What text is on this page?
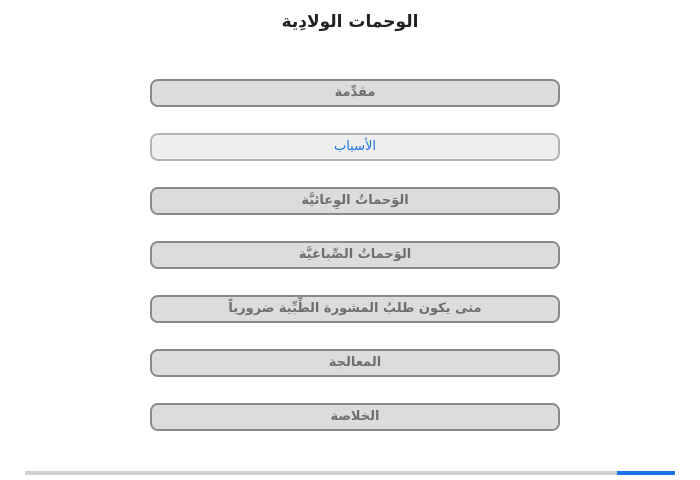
الوحمات الولادِية
مقدِّمة
الأسباب
الوَحماتُ الوِعائيَّة
الوَحماتُ الصِّباغيَّة
متى يكون طلبُ المشورة الطِّبِّية ضرورياً
المعالجة
الخلاصة
